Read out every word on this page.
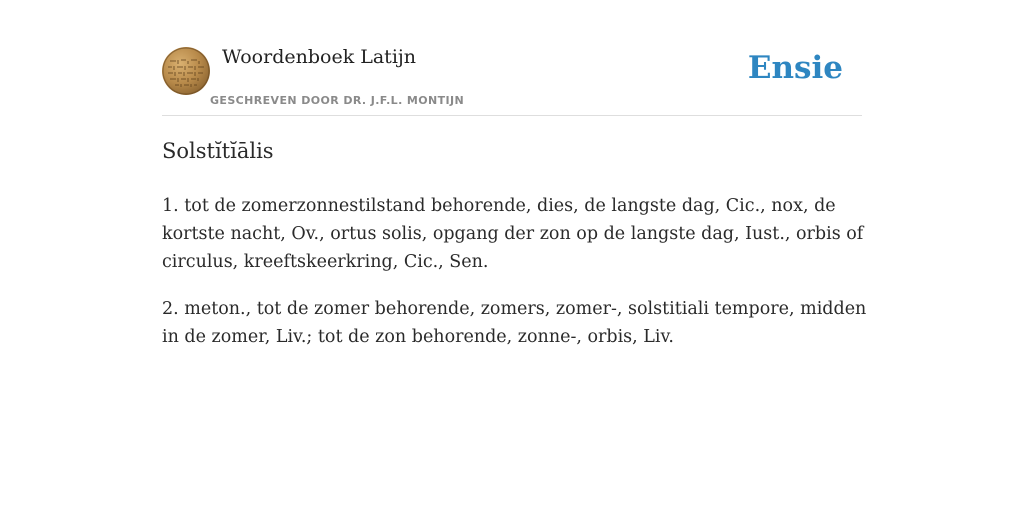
Woordenboek Latijn
GESCHREVEN DOOR DR. J.F.L. MONTIJN
Ensie
Solstĭtĭālis

1. tot de zomerzonnestilstand behorende, dies, de langste dag, Cic., nox, de kortste nacht, Ov., ortus solis, opgang der zon op de langste dag, Iust., orbis of circulus, kreeftskeerkring, Cic., Sen.

2. meton., tot de zomer behorende, zomers, zomer-, solstitiali tempore, midden in de zomer, Liv.; tot de zon behorende, zonne-, orbis, Liv.
